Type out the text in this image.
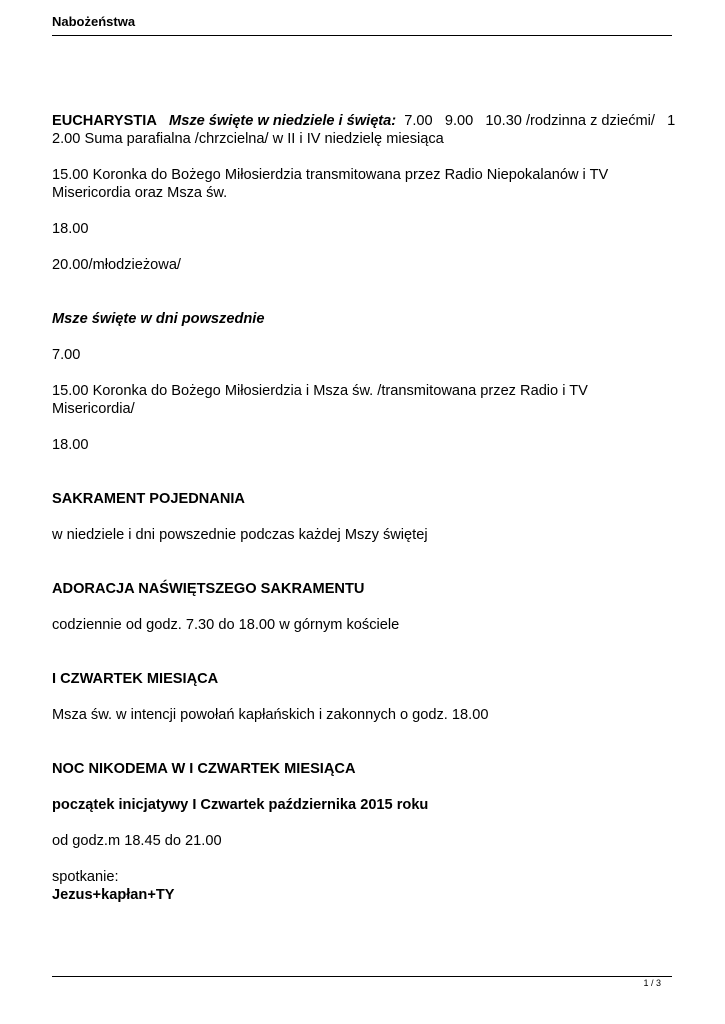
Nabożeństwa

EUCHARYSTIA Msze święte w niedziele i święta: 7.00   9.00   10.30 /rodzinna z dziećmi/   1

2.00 Suma parafialna /chrzcielna/ w II i IV niedzielę miesiąca

15.00 Koronka do Bożego Miłosierdzia transmitowana przez Radio Niepokalanów i TV

Misericordia oraz Msza św.

18.00

20.00/młodzieżowa/

Msze święte w dni powszednie

7.00

15.00 Koronka do Bożego Miłosierdzia i Msza św. /transmitowana przez Radio i TV

Misericordia/

18.00

SAKRAMENT POJEDNANIA

w niedziele i dni powszednie podczas każdej Mszy świętej

ADORACJA NAŚWIĘTSZEGO SAKRAMENTU

codziennie od godz. 7.30 do 18.00 w górnym kościele

I CZWARTEK MIESIĄCA

Msza św. w intencji powołań kapłańskich i zakonnych o godz. 18.00

NOC NIKODEMA W I CZWARTEK MIESIĄCA

początek inicjatywy I Czwartek października 2015 roku

od godz.m 18.45 do 21.00

spotkanie:

Jezus+kapłan+TY

1 / 3
